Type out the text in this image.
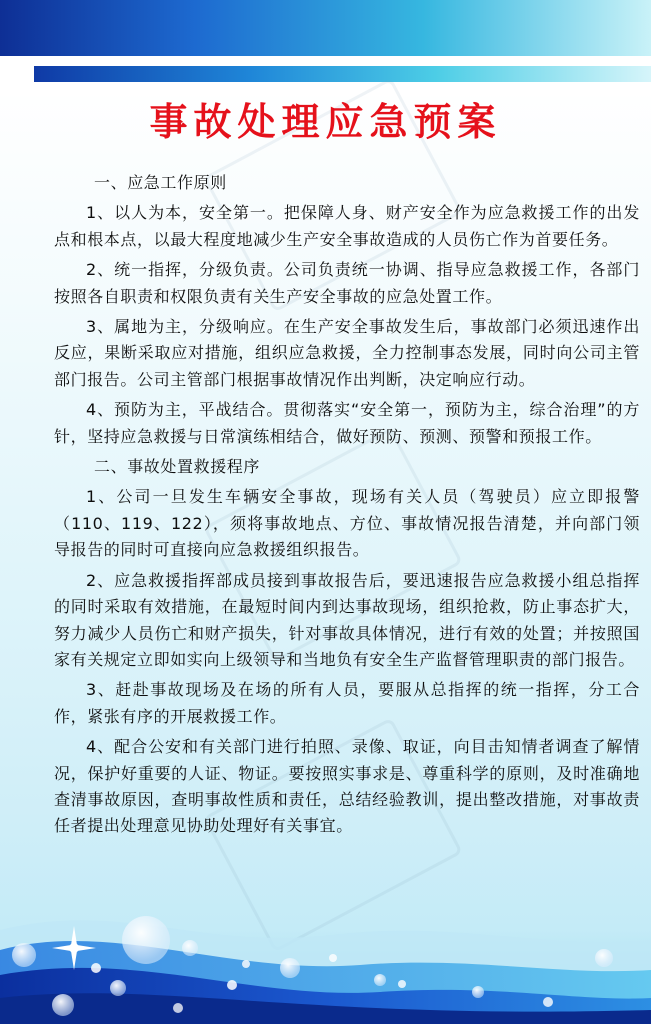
事故处理应急预案

一、应急工作原则

1、以人为本，安全第一。把保障人身、财产安全作为应急救援工作的出发点和根本点，以最大程度地减少生产安全事故造成的人员伤亡作为首要任务。

2、统一指挥，分级负责。公司负责统一协调、指导应急救援工作，各部门按照各自职责和权限负责有关生产安全事故的应急处置工作。

3、属地为主，分级响应。在生产安全事故发生后，事故部门必须迅速作出反应，果断采取应对措施，组织应急救援，全力控制事态发展，同时向公司主管部门报告。公司主管部门根据事故情况作出判断，决定响应行动。

4、预防为主，平战结合。贯彻落实“安全第一，预防为主，综合治理”的方针，坚持应急救援与日常演练相结合，做好预防、预测、预警和预报工作。

二、事故处置救援程序

1、公司一旦发生车辆安全事故，现场有关人员（驾驶员）应立即报警（110、119、122），须将事故地点、方位、事故情况报告清楚，并向部门领导报告的同时可直接向应急救援组织报告。

2、应急救援指挥部成员接到事故报告后，要迅速报告应急救援小组总指挥的同时采取有效措施，在最短时间内到达事故现场，组织抢救，防止事态扩大，努力减少人员伤亡和财产损失，针对事故具体情况，进行有效的处置；并按照国家有关规定立即如实向上级领导和当地负有安全生产监督管理职责的部门报告。

3、赶赴事故现场及在场的所有人员，要服从总指挥的统一指挥，分工合作，紧张有序的开展救援工作。

4、配合公安和有关部门进行拍照、录像、取证，向目击知情者调查了解情况，保护好重要的人证、物证。要按照实事求是、尊重科学的原则，及时准确地查清事故原因，查明事故性质和责任，总结经验教训，提出整改措施，对事故责任者提出处理意见协助处理好有关事宜。
